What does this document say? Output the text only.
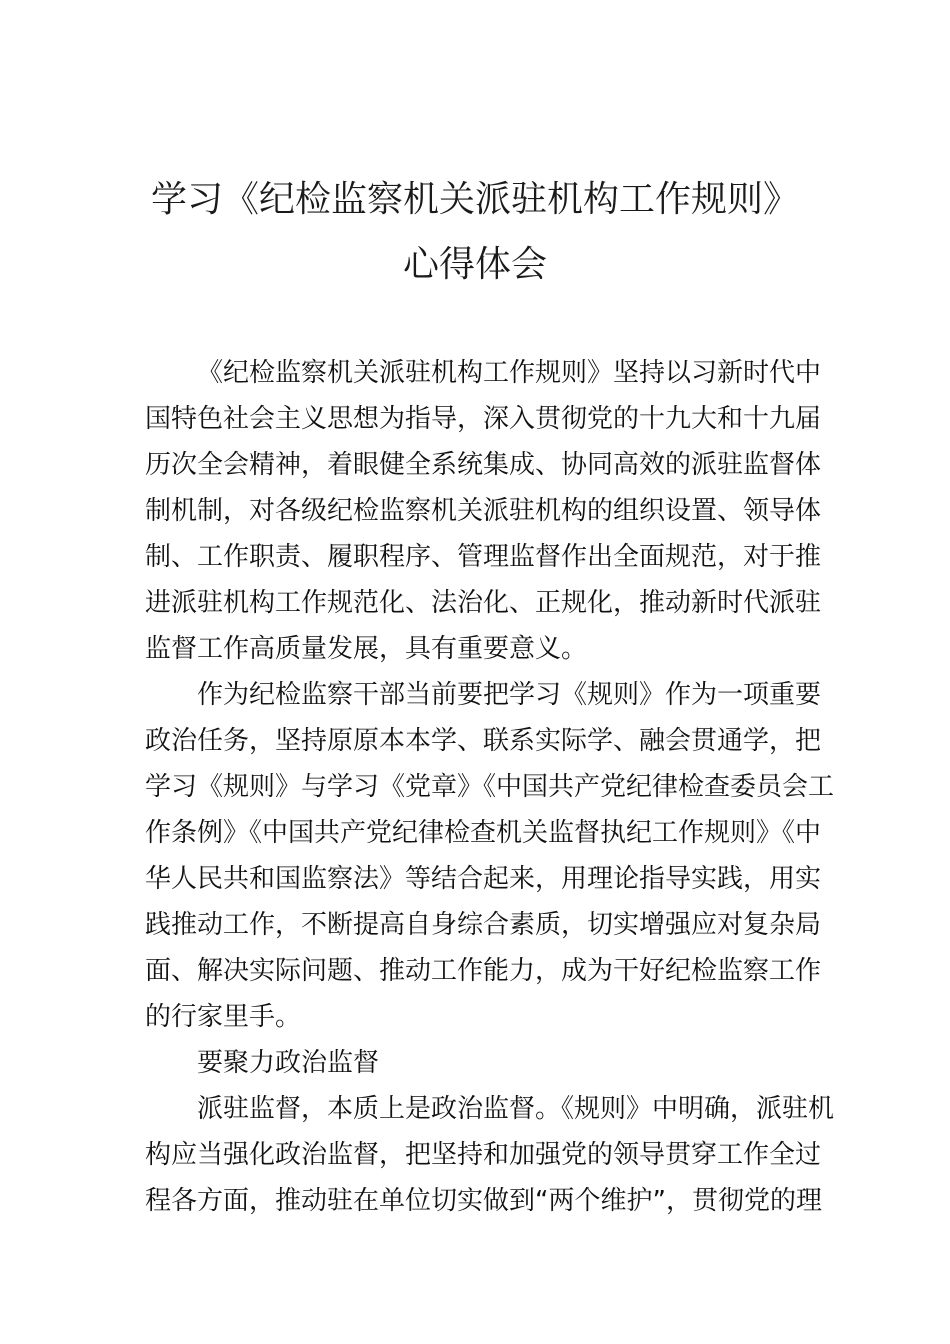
学习《纪检监察机关派驻机构工作规则》
心得体会
《纪检监察机关派驻机构工作规则》坚持以习新时代中
国特色社会主义思想为指导，深入贯彻党的十九大和十九届
历次全会精神，着眼健全系统集成、协同高效的派驻监督体
制机制，对各级纪检监察机关派驻机构的组织设置、领导体
制、工作职责、履职程序、管理监督作出全面规范，对于推
进派驻机构工作规范化、法治化、正规化，推动新时代派驻
监督工作高质量发展，具有重要意义。
作为纪检监察干部当前要把学习《规则》作为一项重要
政治任务，坚持原原本本学、联系实际学、融会贯通学，把
学习《规则》与学习《党章》《中国共产党纪律检查委员会工
作条例》《中国共产党纪律检查机关监督执纪工作规则》《中
华人民共和国监察法》等结合起来，用理论指导实践，用实
践推动工作，不断提高自身综合素质，切实增强应对复杂局
面、解决实际问题、推动工作能力，成为干好纪检监察工作
的行家里手。
要聚力政治监督
派驻监督，本质上是政治监督。《规则》中明确，派驻机
构应当强化政治监督，把坚持和加强党的领导贯穿工作全过
程各方面，推动驻在单位切实做到“两个维护”，贯彻党的理
